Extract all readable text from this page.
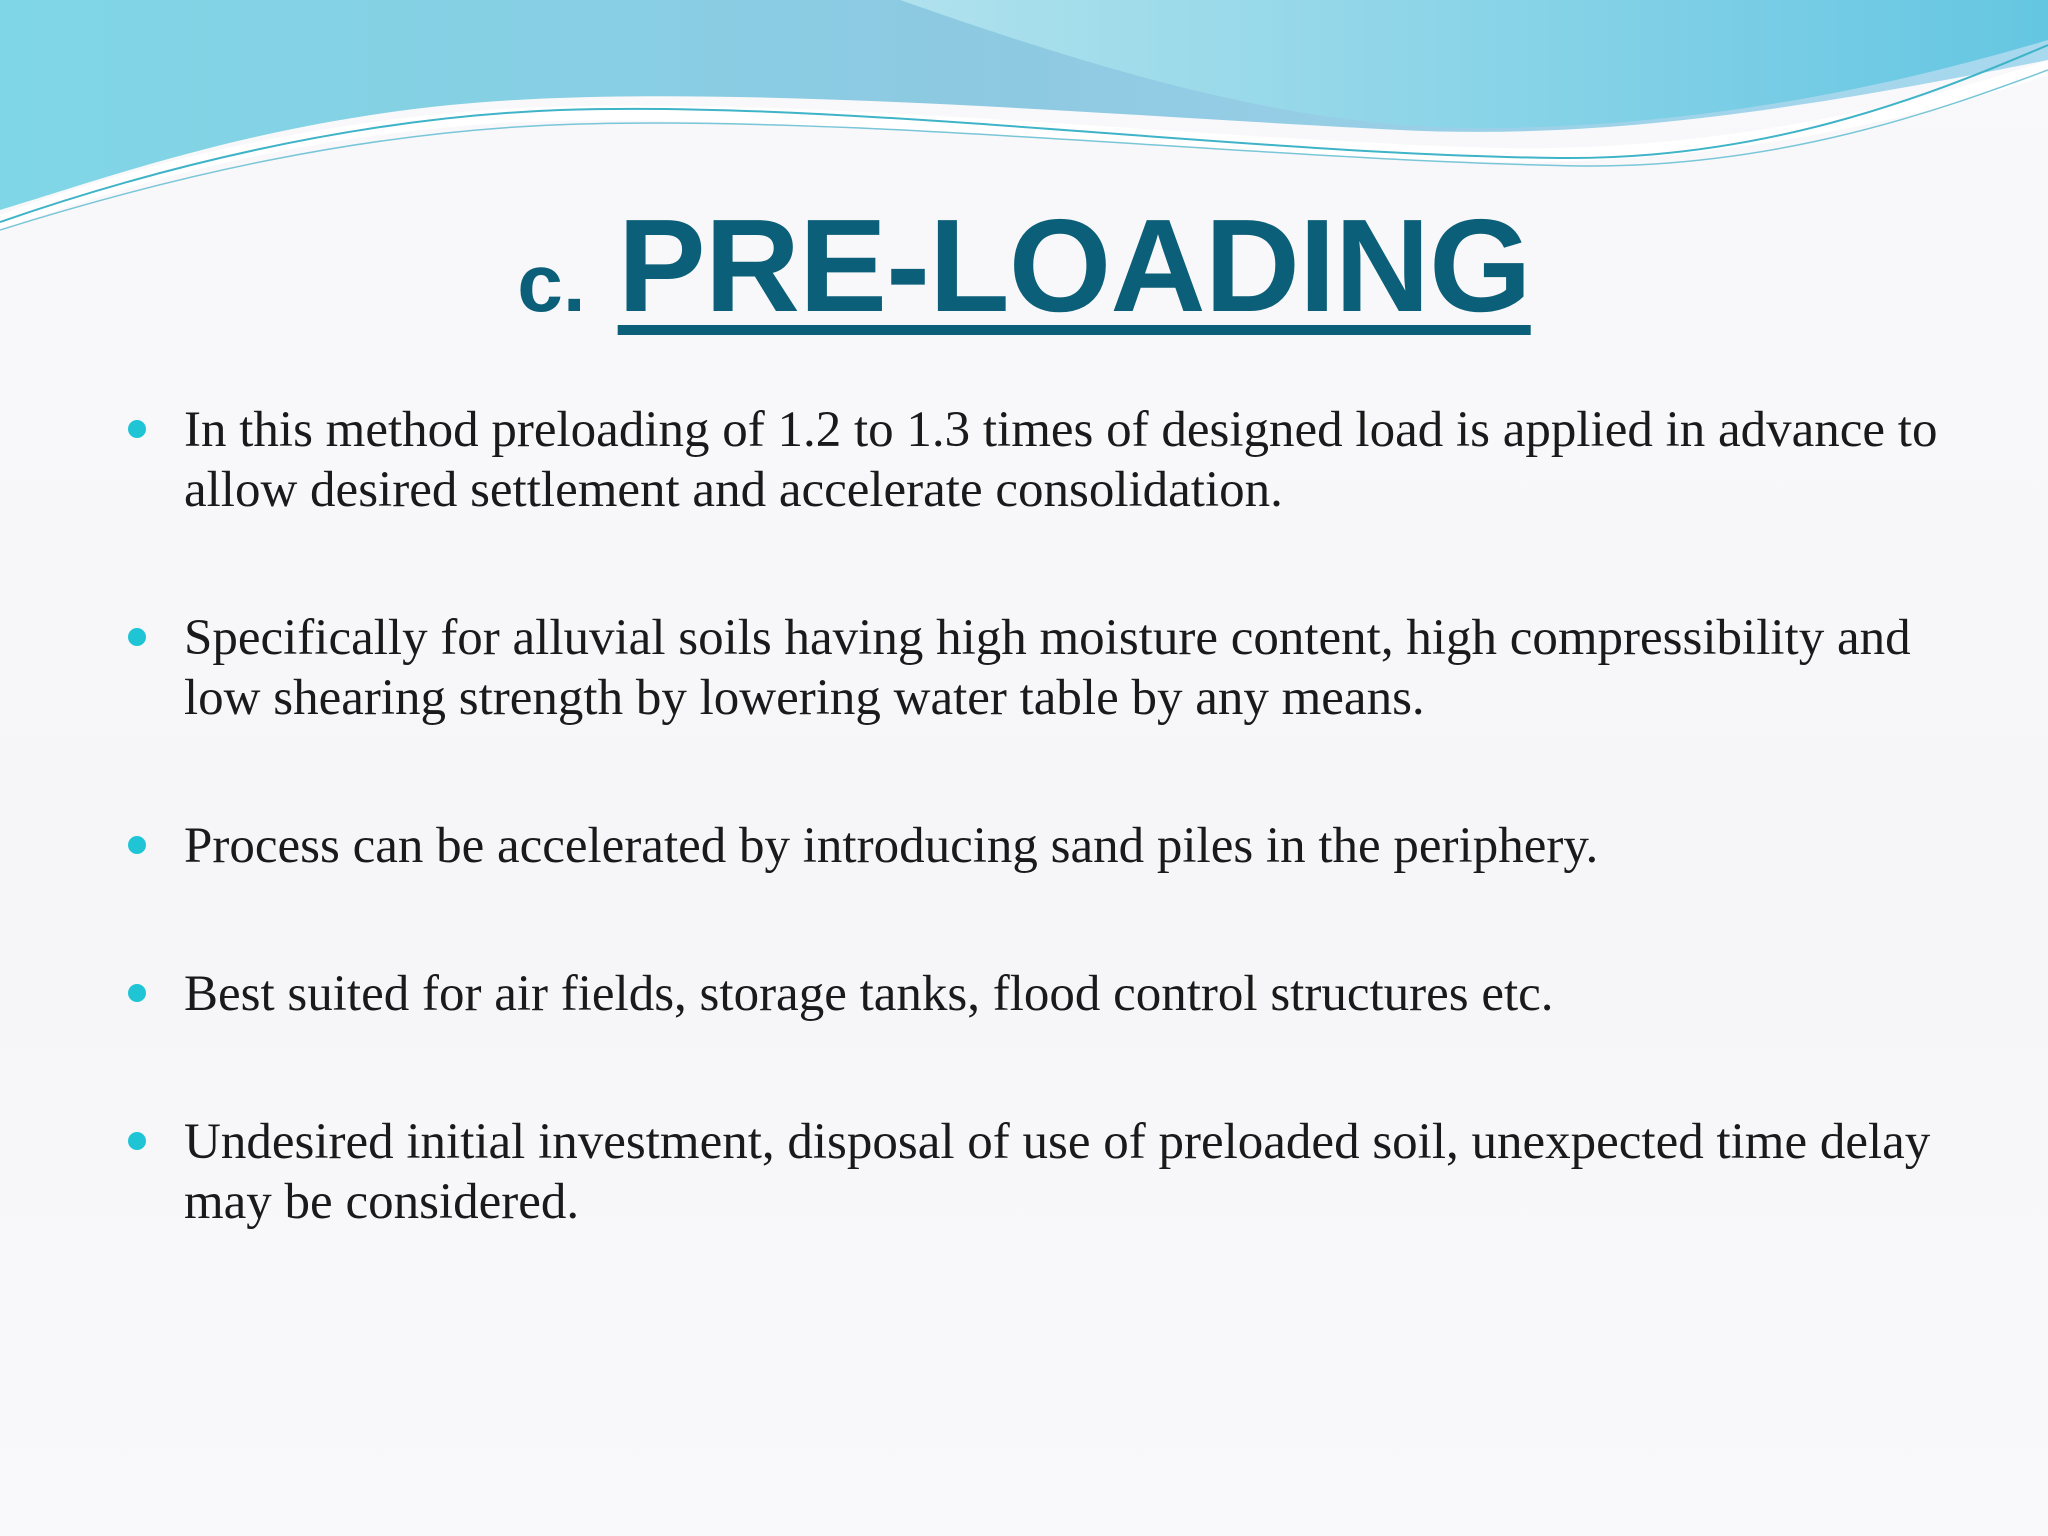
c. PRE-LOADING
In this method preloading of 1.2 to 1.3 times of designed load is applied in advance to allow desired settlement and accelerate consolidation.
Specifically for alluvial soils having high moisture content, high compressibility and low shearing strength by lowering water table by any means.
Process can be accelerated by introducing sand piles in the periphery.
Best suited for air fields, storage tanks, flood control structures etc.
Undesired initial investment, disposal of use of preloaded soil, unexpected time delay may be considered.
